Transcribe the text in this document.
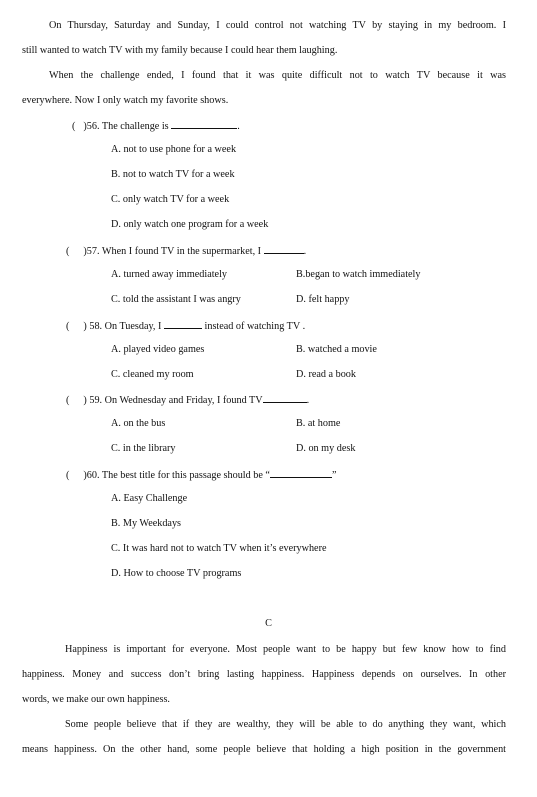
On Thursday, Saturday and Sunday, I could control not watching TV by staying in my bedroom. I
still wanted to watch TV with my family because I could hear them laughing.
When the challenge ended, I found that it was quite difficult not to watch TV because it was
everywhere. Now I only watch my favorite shows.
( )56. The challenge is	.
A. not to use phone for a week
B. not to watch TV for a week
C. only watch TV for a week
D. only watch one program for a week
( )57. When I found TV in the supermarket, I	.
A. turned away immediately	B.began to watch immediately
C. told the assistant I was angry	D. felt happy
( ) 58. On Tuesday, I	instead of watching TV .
A. played video games	B. watched a movie
C. cleaned my room	D. read a book
( ) 59. On Wednesday and Friday, I found TV	.
A. on the bus	B. at home
C. in the library	D. on my desk
( )60. The best title for this passage should be “	”
A. Easy Challenge
B. My Weekdays
C. It was hard not to watch TV when it’s everywhere
D. How to choose TV programs
C
Happiness is important for everyone. Most people want to be happy but few know how to find
happiness. Money and success don’t bring lasting happiness. Happiness depends on ourselves. In other
words, we make our own happiness.
Some people believe that if they are wealthy, they will be able to do anything they want, which
means happiness. On the other hand, some people believe that holding a high position in the government
